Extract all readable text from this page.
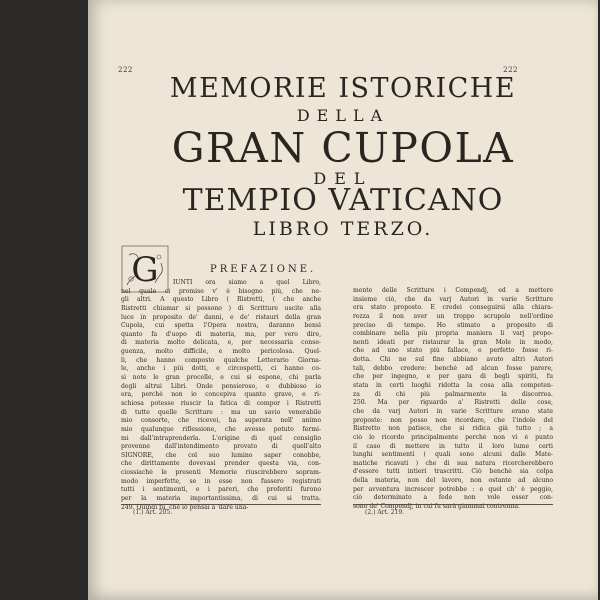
222	222
MEMORIE ISTORICHE
DELLA
GRAN CUPOLA
DEL
TEMPIO VATICANO
LIBRO TERZO.
G	PREFAZIONE.
IUNTI ora siamo a quel Libro,
nel quale ci promise v' è bisogno più, che ne-
gli altri. A questo Libro ( Ristretti, ( che anche
Ristretti chiamar si possono ) di Scritture uscite alla
luce in proposito de' danni, e de' ristauri della gran
Cupola, cui spetta l'Opera nostra, daranno bensì
quanto fa d'uopo di materia, ma, per vero dire,
di materia molto delicata, e, per necessaria conse-
guenza, molto difficile, e molto pericolosa. Quel-
li, che hanno composto qualche Letterario Giorna-
le, anche i più dotti, e circospetti, ci hanno co-
sì note le gran procelle, e cui si espone, chi parla
degli altrui Libri. Onde pensieroso, e dubbioso io
era, perchè non io concepiva quanto grave, e ri-
schiosa potesse riuscir la fatica di compor i Ristretti
di tutte quelle Scritture : ma un savio venerabile
mio consorte, che ricevei, ha superata nell' animo
mio qualunque riflessione, che avesse potuto fermi-
mi dall'intraprenderla. L'origine di quel consiglio
provenne dall'intendimento provato di quell'alto
SIGNORE, che col suo lumino saper conobbe,
che dirittamente dovevasi prender questa via, con-
ciossiachè le presenti Memorie riuscirebbero sopram-
modo imperfette, se in esse non fussero registrati
tutti i sentimenti, e i pareri, che proferiti furono
per la materia importantissima, di cui si tratta.
249. Quindi fu, che io pensai a 'dare una-
mente delle Scritture i Compendj, ed a mettere
insieme ciò, che da varj Autori in varie Scritture
era stato proposto. E credei conseguirsi alla chiara-
rezza il non aver un troppo scrupolo nell'ordine
preciso di tempo. Ho stimato a proposito di
combinare nella più propria maniera li varj propo-
nenti ideati per ristaurar la gran Mole in modo,
che ad uno stato più fallace, e perfetto fosse ri-
dotta. Chi ne sul fine abbiano avuto altri Autori
tali, debbo credere: benchè ad alcun fosse parere,
che per ingegno, e per gara di begli spiriti, fu
stata in certi luoghi ridotta la cosa alla competen-
za di chi più palmarmente la discorrea.
250. Ma per riguardo a' Ristretti delle cose,
che da varj Autori in varie Scritture erano state
proposte: non posso non ricordare, che l'indole del
Ristretto non patisce, che si ridica già tutto ; a
ciò lo ricordo principalmente perchè non vi è punto
il caso di mettere in tutto il loro lume certi
lunghi sentimenti ( quali sono alcuni dalle Mate-
matiche ricavati ) che di sua natura ricercherebbero
d'essere tutti intieri trascritti. Ciò benchè sia colpa
della materia, non del lavoro, non ostante ad alcuno
per avventura increscer potrebbe : e quel ch' è peggio,
ciò determinato a fede non vole esser con-
sono de' Compendj, in cui fu sarà giammai contrenna.
(1.) Art. 205.	(2.) Art. 219.
